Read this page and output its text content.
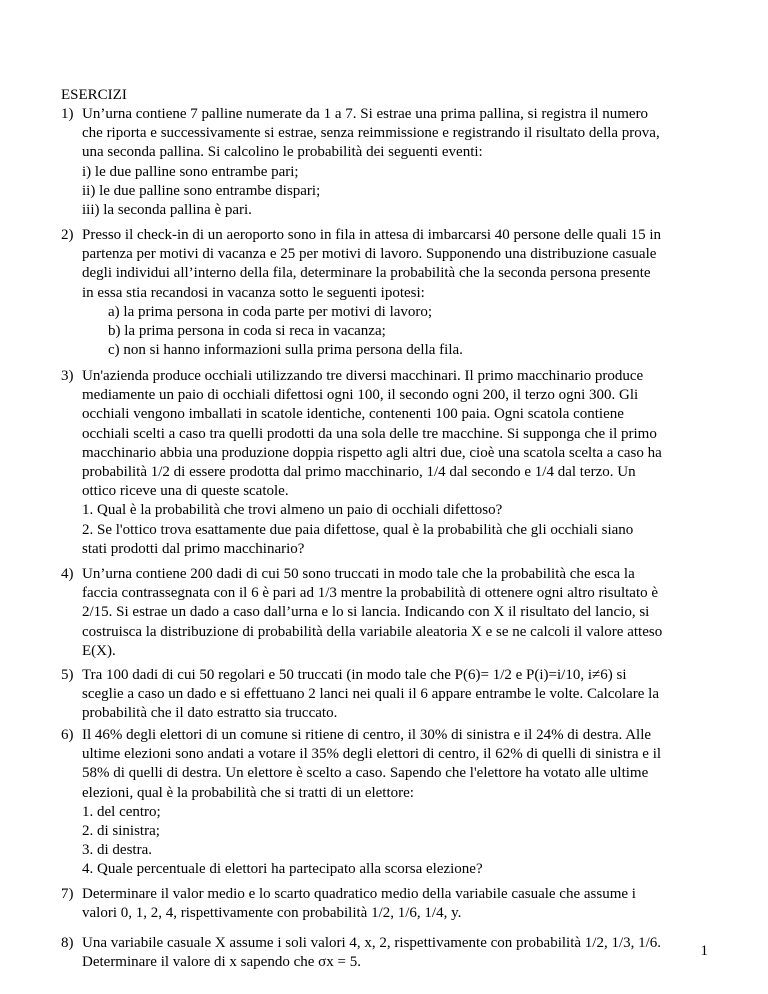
ESERCIZI
1) Un’urna contiene 7 palline numerate da 1 a 7. Si estrae una prima pallina, si registra il numero

che riporta e successivamente si estrae, senza reimmissione e registrando il risultato della prova,

una seconda pallina. Si calcolino le probabilità dei seguenti eventi:

i) le due palline sono entrambe pari;

ii) le due palline sono entrambe dispari;

iii) la seconda pallina è pari.

2) Presso il check-in di un aeroporto sono in fila in attesa di imbarcarsi 40 persone delle quali 15 in

partenza per motivi di vacanza e 25 per motivi di lavoro. Supponendo una distribuzione casuale

degli individui all’interno della fila, determinare la probabilità che la seconda persona presente

in essa stia recandosi in vacanza sotto le seguenti ipotesi:

a) la prima persona in coda parte per motivi di lavoro;

b) la prima persona in coda si reca in vacanza;

c) non si hanno informazioni sulla prima persona della fila.

3) Un'azienda produce occhiali utilizzando tre diversi macchinari. Il primo macchinario produce

mediamente un paio di occhiali difettosi ogni 100, il secondo ogni 200, il terzo ogni 300. Gli

occhiali vengono imballati in scatole identiche, contenenti 100 paia. Ogni scatola contiene

occhiali scelti a caso tra quelli prodotti da una sola delle tre macchine. Si supponga che il primo

macchinario abbia una produzione doppia rispetto agli altri due, cioè una scatola scelta a caso ha

probabilità 1/2 di essere prodotta dal primo macchinario, 1/4 dal secondo e 1/4 dal terzo. Un

ottico riceve una di queste scatole.

1. Qual è la probabilità che trovi almeno un paio di occhiali difettoso?

2. Se l'ottico trova esattamente due paia difettose, qual è la probabilità che gli occhiali siano

stati prodotti dal primo macchinario?

4) Un’urna contiene 200 dadi di cui 50 sono truccati in modo tale che la probabilità che esca la

faccia contrassegnata con il 6 è pari ad 1/3 mentre la probabilità di ottenere ogni altro risultato è

2/15. Si estrae un dado a caso dall’urna e lo si lancia. Indicando con X il risultato del lancio, si

costruisca la distribuzione di probabilità della variabile aleatoria X e se ne calcoli il valore atteso

E(X).

5) Tra 100 dadi di cui 50 regolari e 50 truccati (in modo tale che P(6)= 1/2 e P(i)=i/10, i≠6) si

sceglie a caso un dado e si effettuano 2 lanci nei quali il 6 appare entrambe le volte. Calcolare la

probabilità che il dato estratto sia truccato.

6) Il 46% degli elettori di un comune si ritiene di centro, il 30% di sinistra e il 24% di destra. Alle

ultime elezioni sono andati a votare il 35% degli elettori di centro, il 62% di quelli di sinistra e il

58% di quelli di destra. Un elettore è scelto a caso. Sapendo che l'elettore ha votato alle ultime

elezioni, qual è la probabilità che si tratti di un elettore:

1. del centro;

2. di sinistra;

3. di destra.

4. Quale percentuale di elettori ha partecipato alla scorsa elezione?

7) Determinare il valor medio e lo scarto quadratico medio della variabile casuale che assume i

valori 0, 1, 2, 4, rispettivamente con probabilità 1/2, 1/6, 1/4, y.

8) Una variabile casuale X assume i soli valori 4, x, 2, rispettivamente con probabilità 1/2, 1/3, 1/6.

Determinare il valore di x sapendo che σx = 5.

1
